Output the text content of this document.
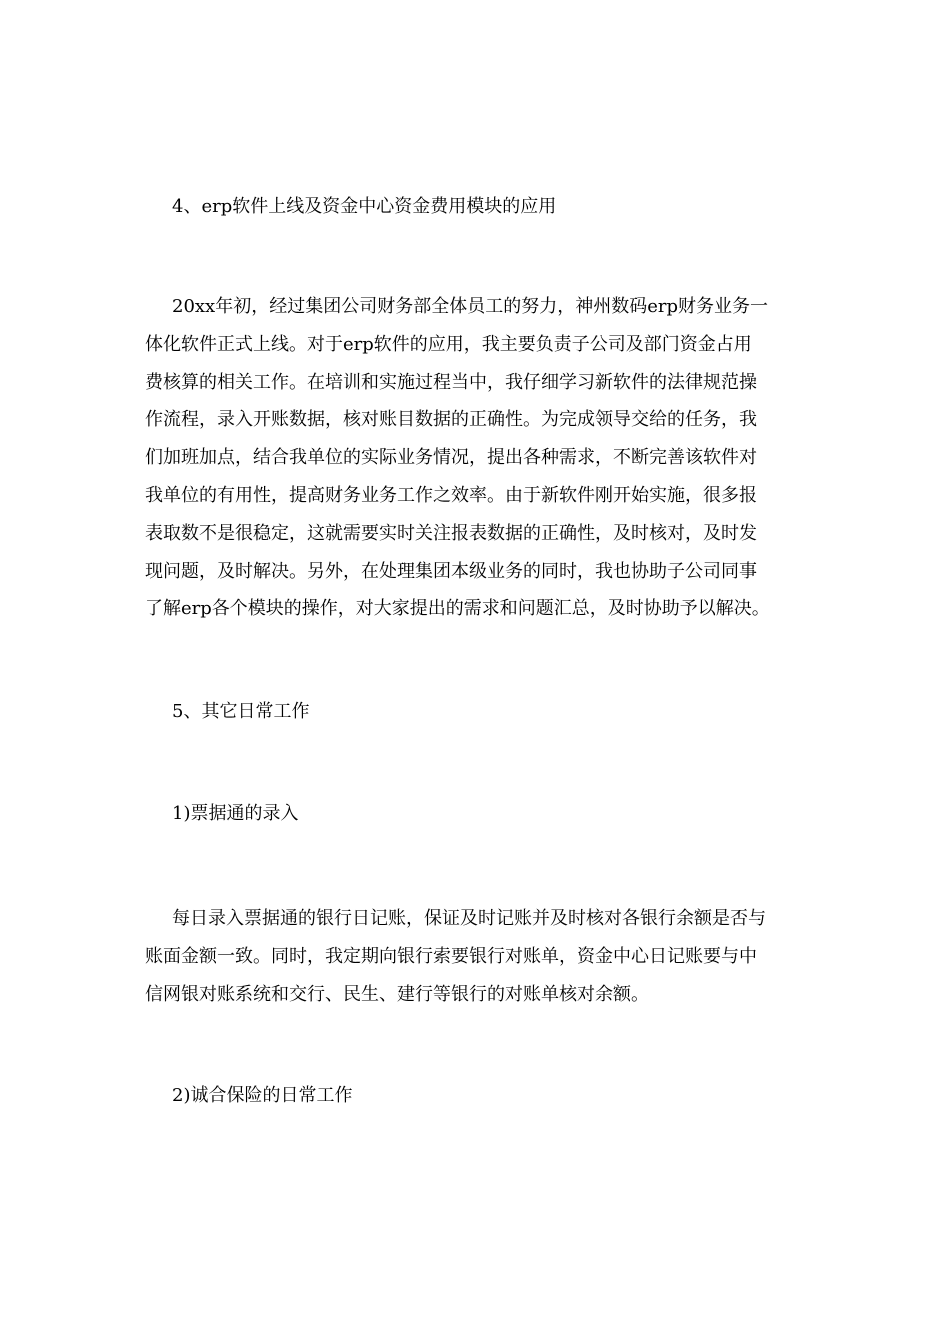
4、erp软件上线及资金中心资金费用模块的应用
20xx年初，经过集团公司财务部全体员工的努力，神州数码erp财务业务一
体化软件正式上线。对于erp软件的应用，我主要负责子公司及部门资金占用
费核算的相关工作。在培训和实施过程当中，我仔细学习新软件的法律规范操
作流程，录入开账数据，核对账目数据的正确性。为完成领导交给的任务，我
们加班加点，结合我单位的实际业务情况，提出各种需求，不断完善该软件对
我单位的有用性，提高财务业务工作之效率。由于新软件刚开始实施，很多报
表取数不是很稳定，这就需要实时关注报表数据的正确性，及时核对，及时发
现问题，及时解决。另外，在处理集团本级业务的同时，我也协助子公司同事
了解erp各个模块的操作，对大家提出的需求和问题汇总，及时协助予以解决。
5、其它日常工作
1)票据通的录入
每日录入票据通的银行日记账，保证及时记账并及时核对各银行余额是否与
账面金额一致。同时，我定期向银行索要银行对账单，资金中心日记账要与中
信网银对账系统和交行、民生、建行等银行的对账单核对余额。
2)诚合保险的日常工作
